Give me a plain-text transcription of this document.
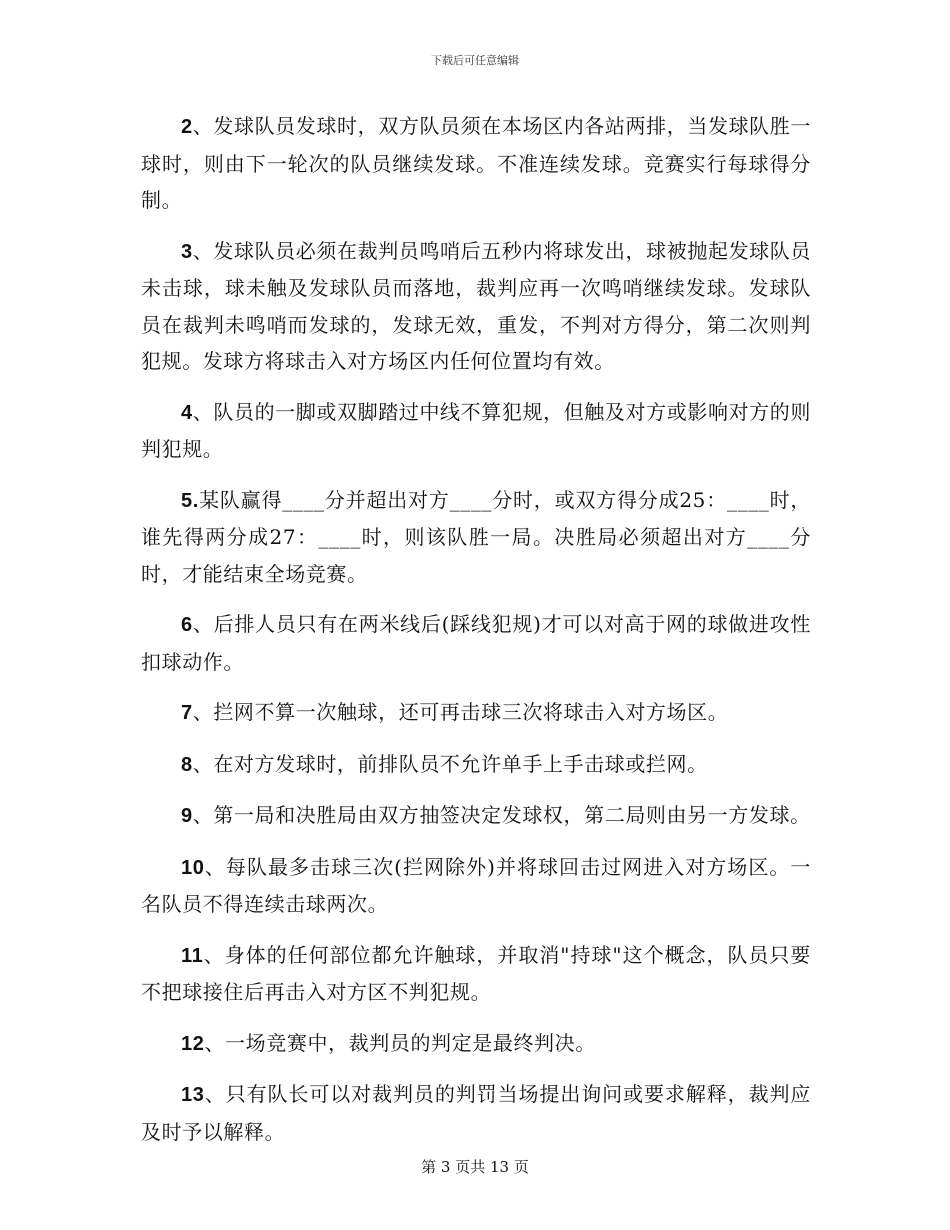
下载后可任意编辑

2、发球队员发球时，双方队员须在本场区内各站两排，当发球队胜一球时，则由下一轮次的队员继续发球。不准连续发球。竞赛实行每球得分制。

3、发球队员必须在裁判员鸣哨后五秒内将球发出，球被抛起发球队员未击球，球未触及发球队员而落地，裁判应再一次鸣哨继续发球。发球队员在裁判未鸣哨而发球的，发球无效，重发，不判对方得分，第二次则判犯规。发球方将球击入对方场区内任何位置均有效。

4、队员的一脚或双脚踏过中线不算犯规，但触及对方或影响对方的则判犯规。

5.某队赢得____分并超出对方____分时，或双方得分成25：____时，谁先得两分成27：____时，则该队胜一局。决胜局必须超出对方____分时，才能结束全场竞赛。

6、后排人员只有在两米线后(踩线犯规)才可以对高于网的球做进攻性扣球动作。

7、拦网不算一次触球，还可再击球三次将球击入对方场区。

8、在对方发球时，前排队员不允许单手上手击球或拦网。

9、第一局和决胜局由双方抽签决定发球权，第二局则由另一方发球。

10、每队最多击球三次(拦网除外)并将球回击过网进入对方场区。一名队员不得连续击球两次。

11、身体的任何部位都允许触球，并取消"持球"这个概念，队员只要不把球接住后再击入对方区不判犯规。

12、一场竞赛中，裁判员的判定是最终判决。

13、只有队长可以对裁判员的判罚当场提出询问或要求解释，裁判应及时予以解释。

第 3 页共 13 页
